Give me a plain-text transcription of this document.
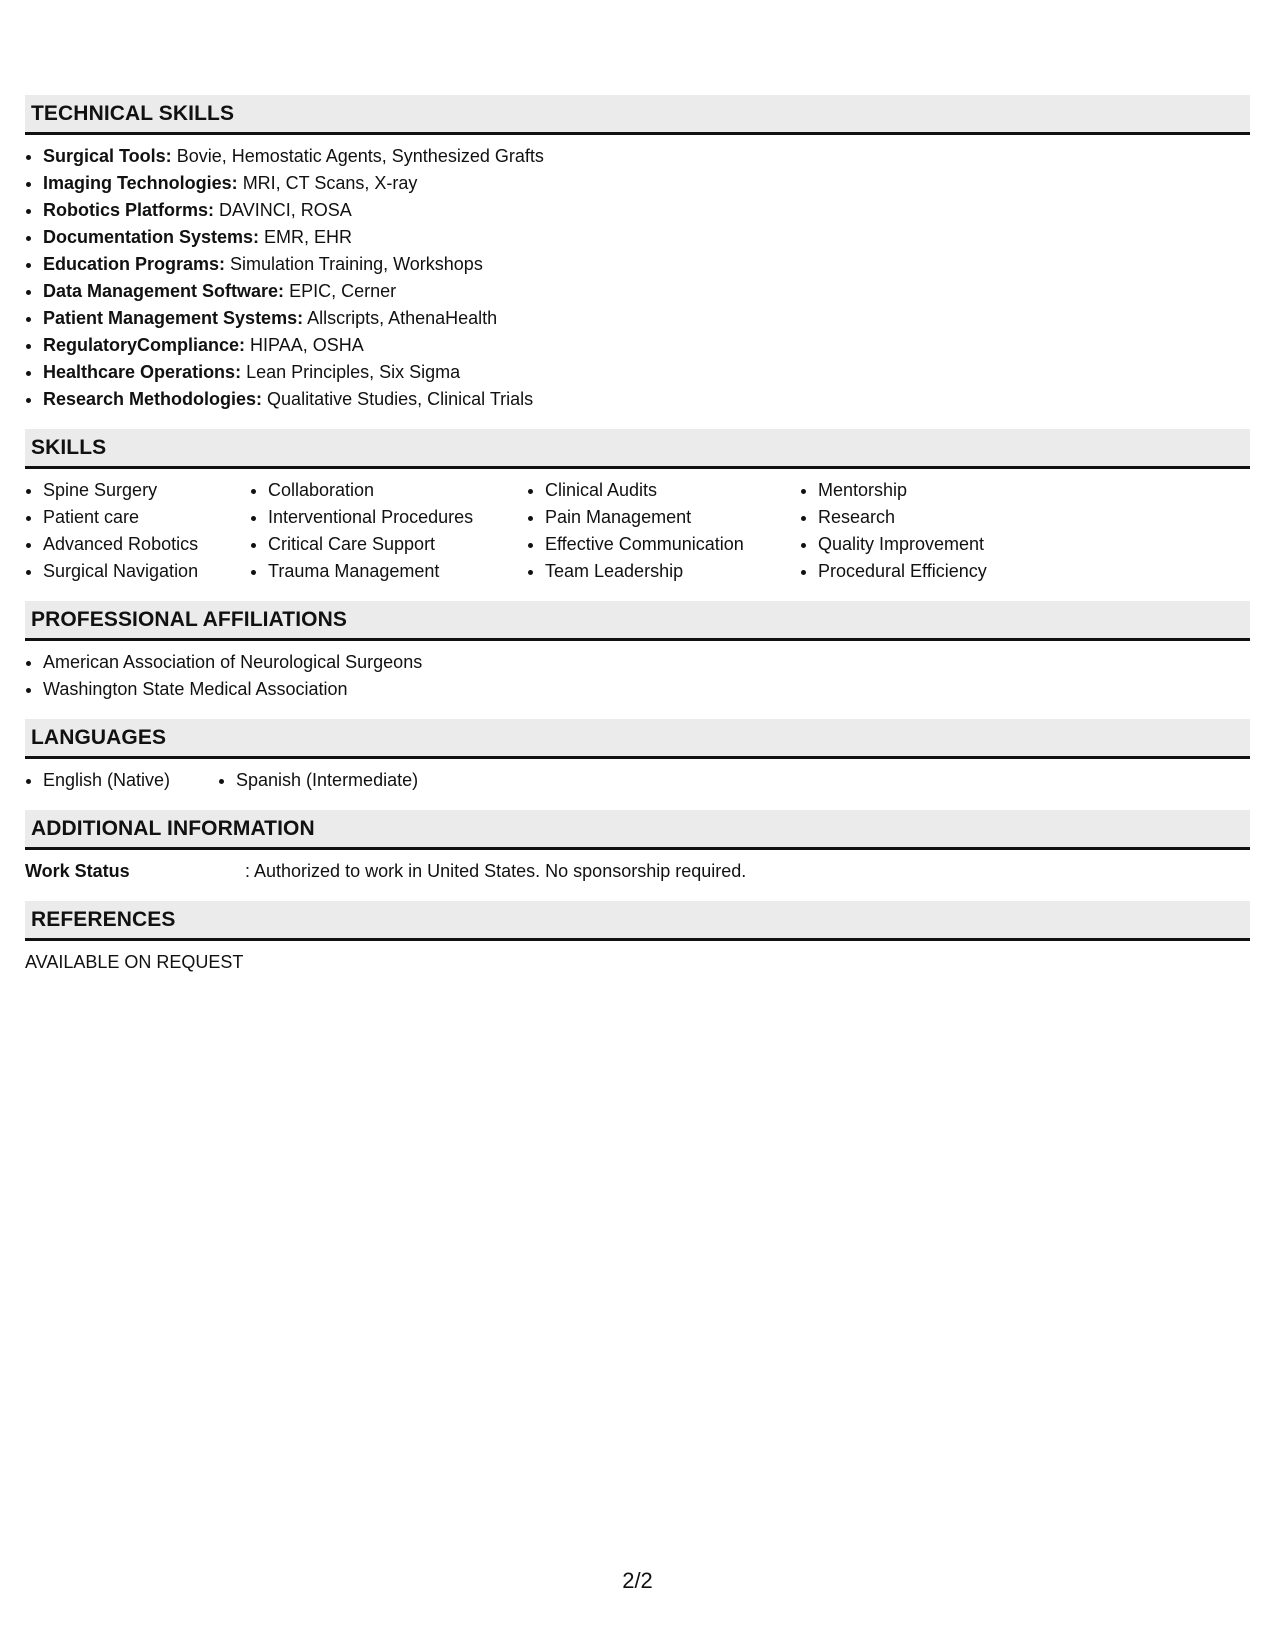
TECHNICAL SKILLS
• Surgical Tools: Bovie, Hemostatic Agents, Synthesized Grafts
• Imaging Technologies: MRI, CT Scans, X-ray
• Robotics Platforms: DAVINCI, ROSA
• Documentation Systems: EMR, EHR
• Education Programs: Simulation Training, Workshops
• Data Management Software: EPIC, Cerner
• Patient Management Systems: Allscripts, AthenaHealth
• RegulatoryCompliance: HIPAA, OSHA
• Healthcare Operations: Lean Principles, Six Sigma
• Research Methodologies: Qualitative Studies, Clinical Trials
SKILLS
• Spine Surgery
• Patient care
• Advanced Robotics
• Surgical Navigation
• Collaboration
• Interventional Procedures
• Critical Care Support
• Trauma Management
• Clinical Audits
• Pain Management
• Effective Communication
• Team Leadership
• Mentorship
• Research
• Quality Improvement
• Procedural Efficiency
PROFESSIONAL AFFILIATIONS
• American Association of Neurological Surgeons
• Washington State Medical Association
LANGUAGES
• English (Native)
•	Spanish (Intermediate)
ADDITIONAL INFORMATION
Work Status	: Authorized to work in United States. No sponsorship required.
REFERENCES
AVAILABLE ON REQUEST
2/2
